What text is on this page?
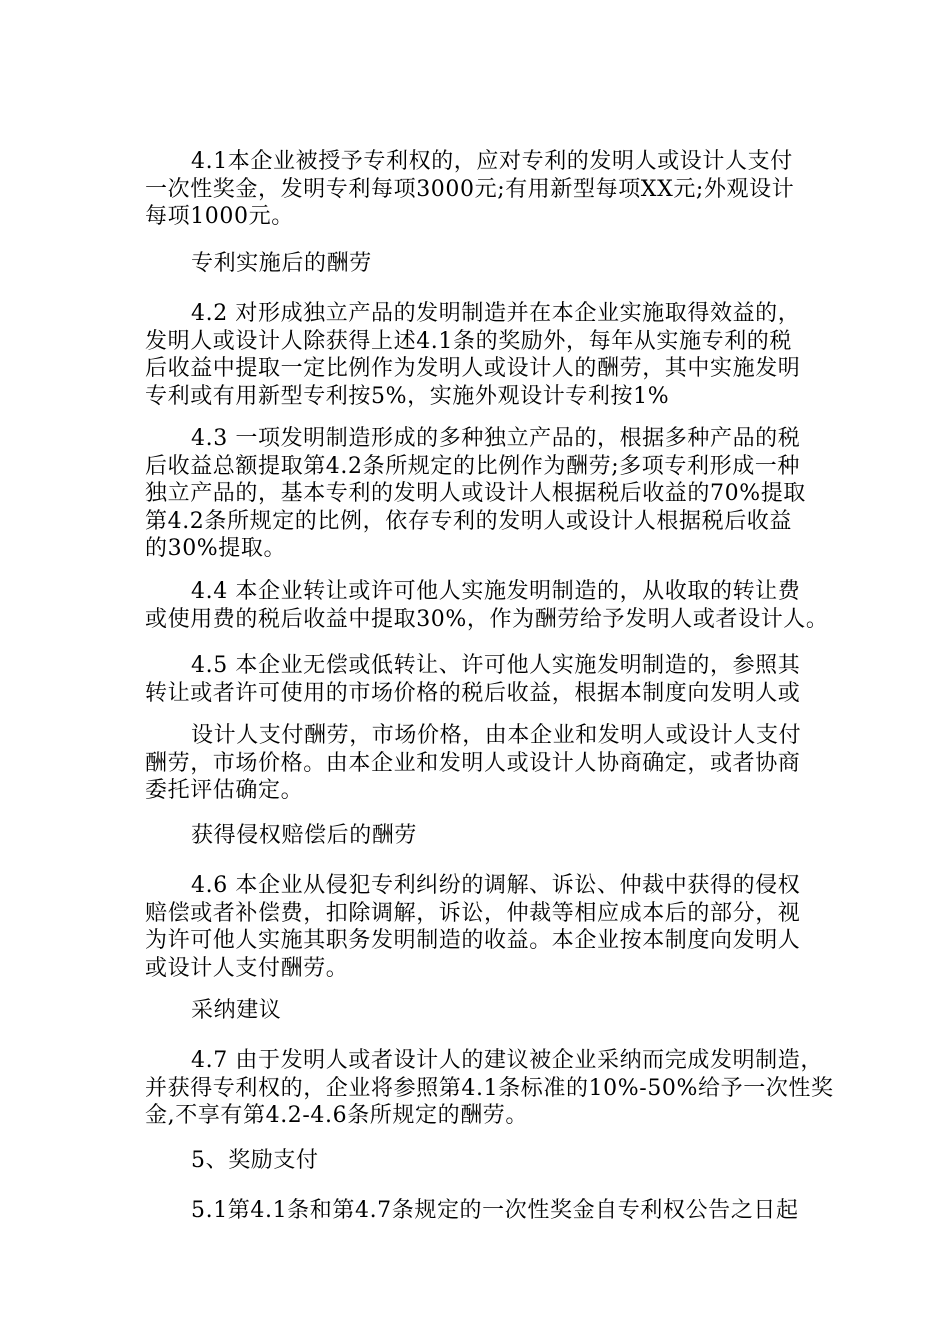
4.1本企业被授予专利权的，应对专利的发明人或设计人支付
一次性奖金，发明专利每项3000元;有用新型每项XX元;外观设计
每项1000元。
专利实施后的酬劳
4.2 对形成独立产品的发明制造并在本企业实施取得效益的，
发明人或设计人除获得上述4.1条的奖励外，每年从实施专利的税
后收益中提取一定比例作为发明人或设计人的酬劳，其中实施发明
专利或有用新型专利按5%，实施外观设计专利按1%
4.3 一项发明制造形成的多种独立产品的，根据多种产品的税
后收益总额提取第4.2条所规定的比例作为酬劳;多项专利形成一种
独立产品的，基本专利的发明人或设计人根据税后收益的70%提取
第4.2条所规定的比例，依存专利的发明人或设计人根据税后收益
的30%提取。
4.4 本企业转让或许可他人实施发明制造的，从收取的转让费
或使用费的税后收益中提取30%，作为酬劳给予发明人或者设计人。
4.5 本企业无偿或低转让、许可他人实施发明制造的，参照其
转让或者许可使用的市场价格的税后收益，根据本制度向发明人或
设计人支付酬劳，市场价格，由本企业和发明人或设计人支付
酬劳，市场价格。由本企业和发明人或设计人协商确定，或者协商
委托评估确定。
获得侵权赔偿后的酬劳
4.6 本企业从侵犯专利纠纷的调解、诉讼、仲裁中获得的侵权
赔偿或者补偿费，扣除调解，诉讼，仲裁等相应成本后的部分，视
为许可他人实施其职务发明制造的收益。本企业按本制度向发明人
或设计人支付酬劳。
采纳建议
4.7 由于发明人或者设计人的建议被企业采纳而完成发明制造，
并获得专利权的，企业将参照第4.1条标准的10%-50%给予一次性奖
金,不享有第4.2-4.6条所规定的酬劳。
5、奖励支付
5.1第4.1条和第4.7条规定的一次性奖金自专利权公告之日起
